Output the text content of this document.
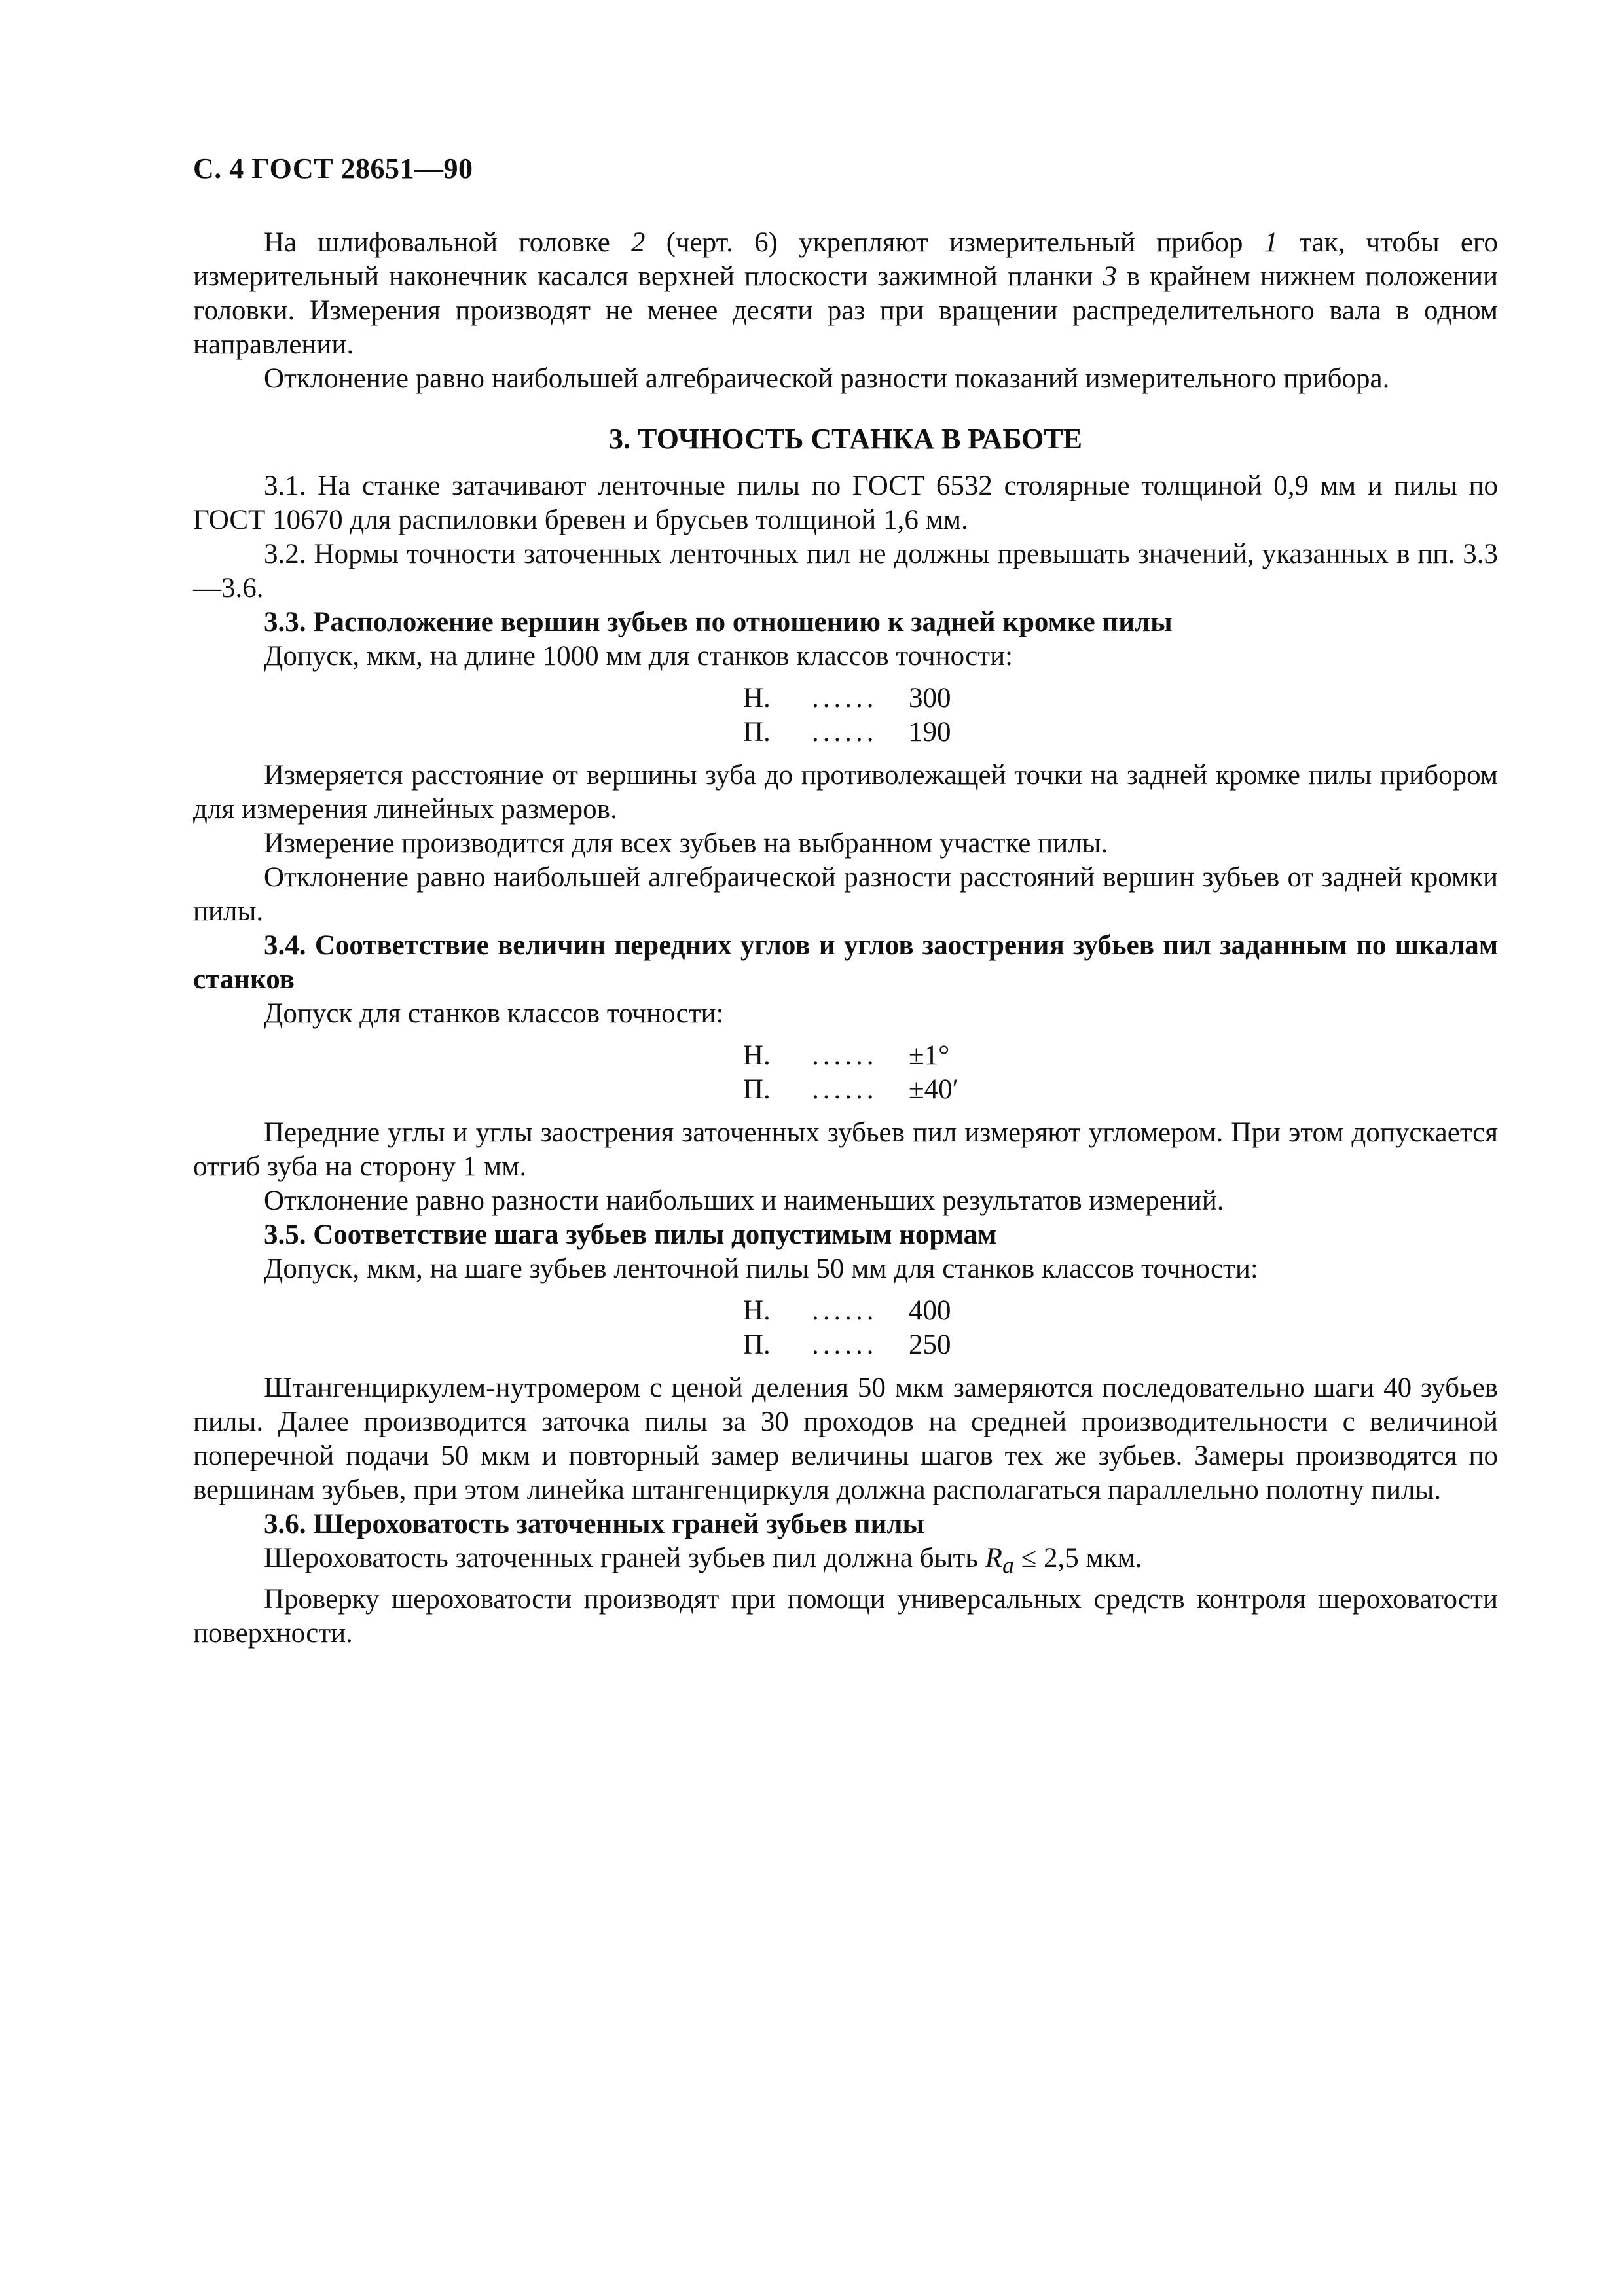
С. 4 ГОСТ 28651—90

На шлифовальной головке 2 (черт. 6) укрепляют измерительный прибор 1 так, чтобы его измерительный наконечник касался верхней плоскости зажимной планки 3 в крайнем нижнем положении головки. Измерения производят не менее десяти раз при вращении распределительного вала в одном направлении.

Отклонение равно наибольшей алгебраической разности показаний измерительного прибора.

3. ТОЧНОСТЬ СТАНКА В РАБОТЕ

3.1. На станке затачивают ленточные пилы по ГОСТ 6532 столярные толщиной 0,9 мм и пилы по ГОСТ 10670 для распиловки бревен и брусьев толщиной 1,6 мм.

3.2. Нормы точности заточенных ленточных пил не должны превышать значений, указанных в пп. 3.3—3.6.

3.3. Расположение вершин зубьев по отношению к задней кромке пилы

Допуск, мкм, на длине 1000 мм для станков классов точности:

Н. ...... 300
П. ...... 190

Измеряется расстояние от вершины зуба до противолежащей точки на задней кромке пилы прибором для измерения линейных размеров.

Измерение производится для всех зубьев на выбранном участке пилы.

Отклонение равно наибольшей алгебраической разности расстояний вершин зубьев от задней кромки пилы.

3.4. Соответствие величин передних углов и углов заострения зубьев пил заданным по шкалам станков

Допуск для станков классов точности:

Н. ...... ±1°
П. ...... ±40′

Передние углы и углы заострения заточенных зубьев пил измеряют угломером. При этом допускается отгиб зуба на сторону 1 мм.

Отклонение равно разности наибольших и наименьших результатов измерений.

3.5. Соответствие шага зубьев пилы допустимым нормам

Допуск, мкм, на шаге зубьев ленточной пилы 50 мм для станков классов точности:

Н. ...... 400
П. ...... 250

Штангенциркулем-нутромером с ценой деления 50 мкм замеряются последовательно шаги 40 зубьев пилы. Далее производится заточка пилы за 30 проходов на средней производительности с величиной поперечной подачи 50 мкм и повторный замер величины шагов тех же зубьев. Замеры производятся по вершинам зубьев, при этом линейка штангенциркуля должна располагаться параллельно полотну пилы.

3.6. Шероховатость заточенных граней зубьев пилы

Шероховатость заточенных граней зубьев пил должна быть $R_a \le 2,5$ мкм.

Проверку шероховатости производят при помощи универсальных средств контроля шероховатости поверхности.
